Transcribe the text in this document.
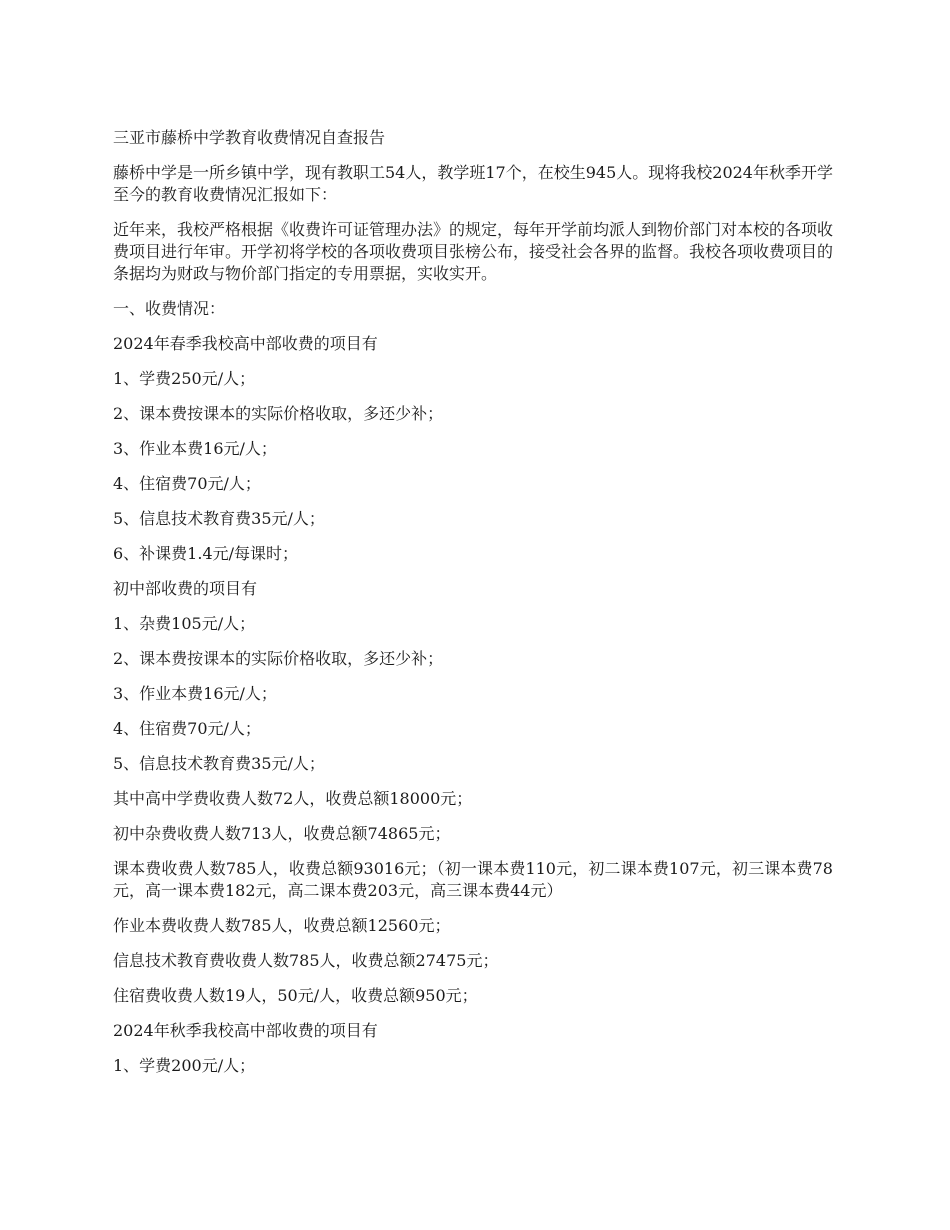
三亚市藤桥中学教育收费情况自查报告

藤桥中学是一所乡镇中学，现有教职工54人，教学班17个，在校生945人。现将我校2024年秋季开学至今的教育收费情况汇报如下：

近年来，我校严格根据《收费许可证管理办法》的规定，每年开学前均派人到物价部门对本校的各项收费项目进行年审。开学初将学校的各项收费项目张榜公布，接受社会各界的监督。我校各项收费项目的条据均为财政与物价部门指定的专用票据，实收实开。

一、收费情况：

2024年春季我校高中部收费的项目有

1、学费250元/人；

2、课本费按课本的实际价格收取，多还少补；

3、作业本费16元/人；

4、住宿费70元/人；

5、信息技术教育费35元/人；

6、补课费1.4元/每课时；

初中部收费的项目有

1、杂费105元/人；

2、课本费按课本的实际价格收取，多还少补；

3、作业本费16元/人；

4、住宿费70元/人；

5、信息技术教育费35元/人；

其中高中学费收费人数72人，收费总额18000元；

初中杂费收费人数713人，收费总额74865元；

课本费收费人数785人，收费总额93016元；（初一课本费110元，初二课本费107元，初三课本费78元，高一课本费182元，高二课本费203元，高三课本费44元）

作业本费收费人数785人，收费总额12560元；

信息技术教育费收费人数785人，收费总额27475元；

住宿费收费人数19人，50元/人，收费总额950元；

2024年秋季我校高中部收费的项目有

1、学费200元/人；
